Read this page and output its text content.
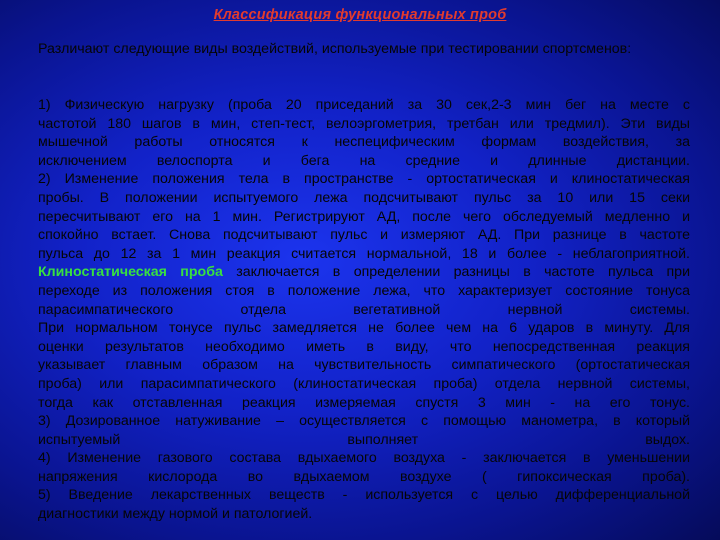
Классификация функциональных проб

Различают следующие виды воздействий, используемые при тестировании спортсменов:

1) Физическую нагрузку (проба 20 приседаний за 30 сек,2-3 мин бег на месте с
частотой 180 шагов в мин, степ-тест, велоэргометрия, третбан или тредмил). Эти виды
мышечной работы относятся к неспецифическим формам воздействия, за
исключением велоспорта и бега на средние и длинные дистанции.
2) Изменение положения тела в пространстве - ортостатическая и клиностатическая
пробы. В положении испытуемого лежа подсчитывают пульс за 10 или 15 секи
пересчитывают его на 1 мин. Регистрируют АД, после чего обследуемый медленно и
спокойно встает. Снова подсчитывают пульс и измеряют АД. При разнице в частоте
пульса до 12 за 1 мин реакция считается нормальной, 18 и более - неблагоприятной.
Клиностатическая проба заключается в определении разницы в частоте пульса при
переходе из положения стоя в положение лежа, что характеризует состояние тонуса
парасимпатического отдела вегетативной нервной системы.
При нормальном тонусе пульс замедляется не более чем на 6 ударов в минуту. Для
оценки результатов необходимо иметь в виду, что непосредственная реакция
указывает главным образом на чувствительность симпатического (ортостатическая
проба) или парасимпатического (клиностатическая проба) отдела нервной системы,
тогда как отставленная реакция измеряемая спустя 3 мин - на его тонус.
3) Дозированное натуживание – осуществляется с помощью манометра, в который
испытуемый выполняет выдох.
4) Изменение газового состава вдыхаемого воздуха - заключается в уменьшении
напряжения кислорода во вдыхаемом воздухе ( гипоксическая проба).
5) Введение лекарственных веществ - используется с целью дифференциальной
диагностики между нормой и патологией.
